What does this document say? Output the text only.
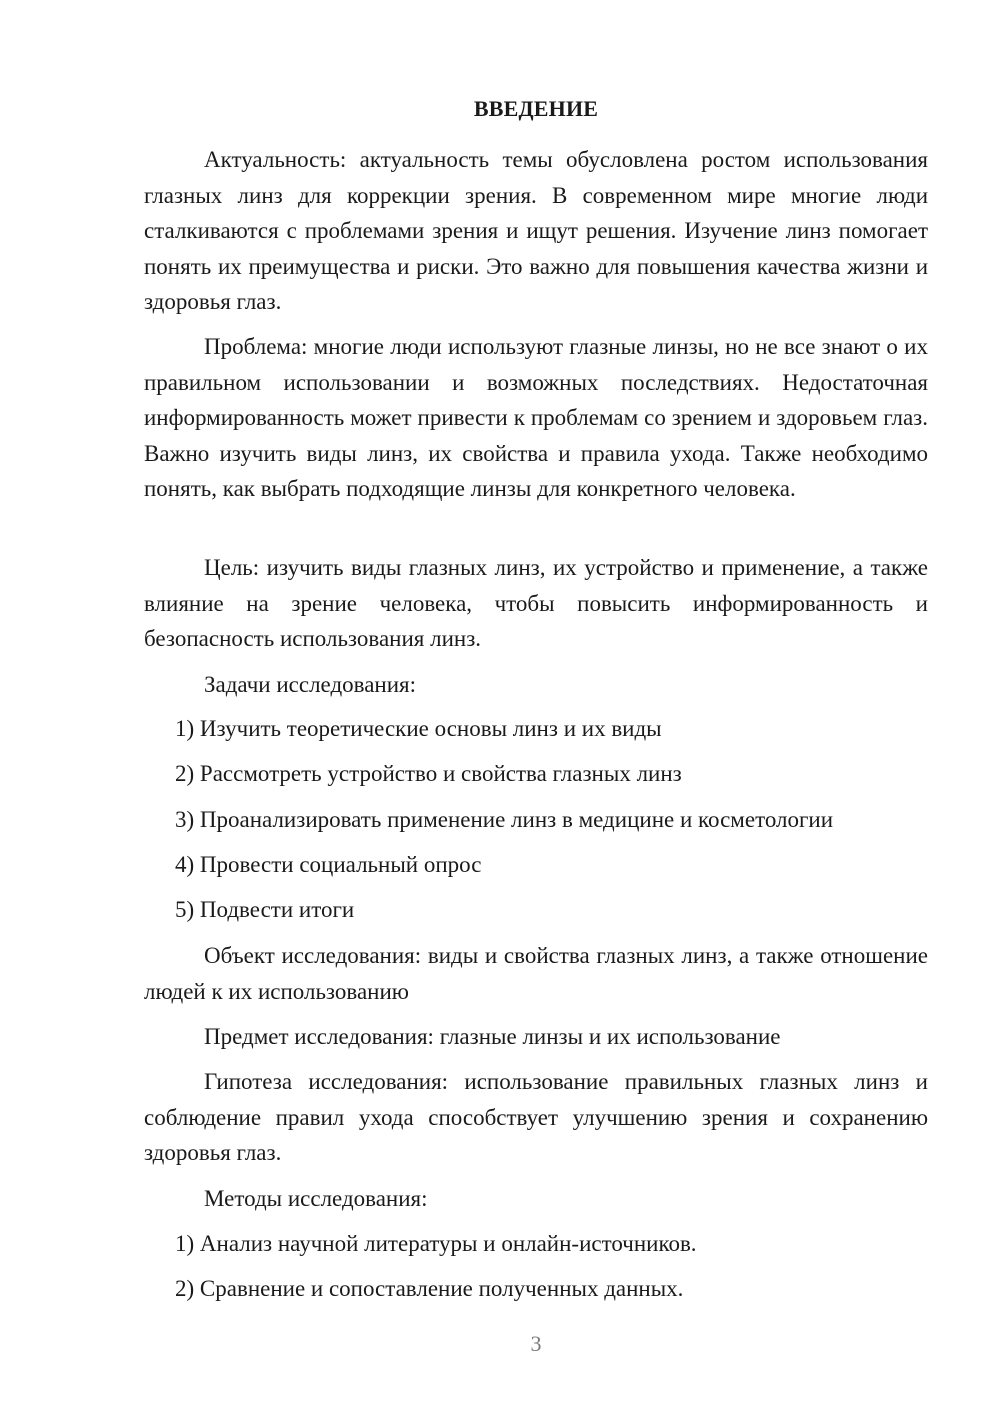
ВВЕДЕНИЕ

Актуальность: актуальность темы обусловлена ростом использования глазных линз для коррекции зрения. В современном мире многие люди сталкиваются с проблемами зрения и ищут решения. Изучение линз помогает понять их преимущества и риски. Это важно для повышения качества жизни и здоровья глаз.

Проблема: многие люди используют глазные линзы, но не все знают о их правильном использовании и возможных последствиях. Недостаточная информированность может привести к проблемам со зрением и здоровьем глаз. Важно изучить виды линз, их свойства и правила ухода. Также необходимо понять, как выбрать подходящие линзы для конкретного человека.

Цель: изучить виды глазных линз, их устройство и применение, а также влияние на зрение человека, чтобы повысить информированность и безопасность использования линз.

Задачи исследования:

1) Изучить теоретические основы линз и их виды

2) Рассмотреть устройство и свойства глазных линз

3) Проанализировать применение линз в медицине и косметологии

4) Провести социальный опрос

5) Подвести итоги

Объект исследования: виды и свойства глазных линз, а также отношение людей к их использованию

Предмет исследования: глазные линзы и их использование

Гипотеза исследования: использование правильных глазных линз и соблюдение правил ухода способствует улучшению зрения и сохранению здоровья глаз.

Методы исследования:

1) Анализ научной литературы и онлайн-источников.

2) Сравнение и сопоставление полученных данных.

3
